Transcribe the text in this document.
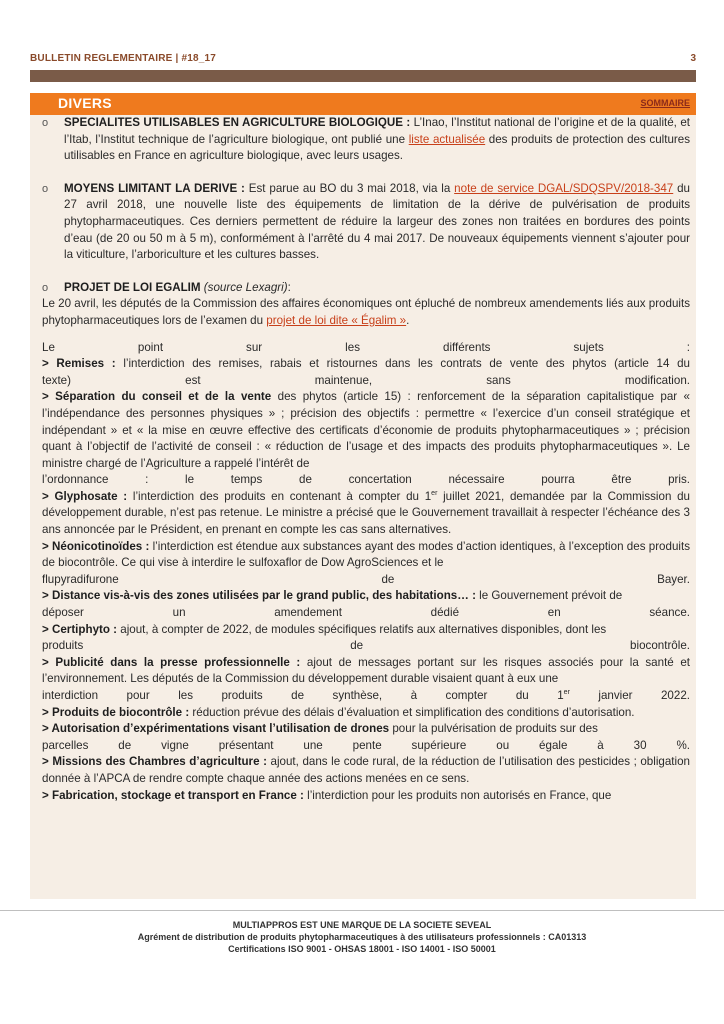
BULLETIN REGLEMENTAIRE | #18_17	3
DIVERS	SOMMAIRE
o SPECIALITES UTILISABLES EN AGRICULTURE BIOLOGIQUE : L’Inao, l’Institut national de l’origine et de la qualité, et l’Itab, l’Institut technique de l’agriculture biologique, ont publié une liste actualisée des produits de protection des cultures utilisables en France en agriculture biologique, avec leurs usages.

o MOYENS LIMITANT LA DERIVE : Est parue au BO du 3 mai 2018, via la note de service DGAL/SDQSPV/2018-347 du 27 avril 2018, une nouvelle liste des équipements de limitation de la dérive de pulvérisation de produits phytopharmaceutiques. Ces derniers permettent de réduire la largeur des zones non traitées en bordures des points d’eau (de 20 ou 50 m à 5 m), conformément à l’arrêté du 4 mai 2017. De nouveaux équipements viennent s’ajouter pour la viticulture, l’arboriculture et les cultures basses.

o PROJET DE LOI EGALIM (source Lexagri):

Le 20 avril, les députés de la Commission des affaires économiques ont épluché de nombreux amendements liés aux produits phytopharmaceutiques lors de l’examen du projet de loi dite « Égalim ».

Le point sur les différents sujets :

> Remises : l’interdiction des remises, rabais et ristournes dans les contrats de vente des phytos (article 14 du

texte) est maintenue, sans modification.

> Séparation du conseil et de la vente des phytos (article 15) : renforcement de la séparation capitalistique par « l’indépendance des personnes physiques » ; précision des objectifs : permettre « l’exercice d’un conseil stratégique et indépendant » et « la mise en œuvre effective des certificats d’économie de produits phytopharmaceutiques » ; précision quant à l’objectif de l’activité de conseil : « réduction de l’usage et des impacts des produits phytopharmaceutiques ». Le ministre chargé de l’Agriculture a rappelé l’intérêt de

l’ordonnance : le temps de concertation nécessaire pourra être pris.

> Glyphosate : l’interdiction des produits en contenant à compter du 1er juillet 2021, demandée par la Commission du développement durable, n’est pas retenue. Le ministre a précisé que le Gouvernement travaillait à respecter l’échéance des 3 ans annoncée par le Président, en prenant en compte les cas sans alternatives.

> Néonicotinoïdes : l’interdiction est étendue aux substances ayant des modes d’action identiques, à l’exception des produits de biocontrôle. Ce qui vise à interdire le sulfoxaflor de Dow AgroSciences et le

flupyradifurone de Bayer.

> Distance vis-à-vis des zones utilisées par le grand public, des habitations… : le Gouvernement prévoit de

déposer un amendement dédié en séance.

> Certiphyto : ajout, à compter de 2022, de modules spécifiques relatifs aux alternatives disponibles, dont les

produits de biocontrôle.

> Publicité dans la presse professionnelle : ajout de messages portant sur les risques associés pour la santé et l’environnement. Les députés de la Commission du développement durable visaient quant à eux une

interdiction pour les produits de synthèse, à compter du 1er janvier 2022.

> Produits de biocontrôle : réduction prévue des délais d’évaluation et simplification des conditions d’autorisation.

> Autorisation d’expérimentations visant l’utilisation de drones pour la pulvérisation de produits sur des

parcelles de vigne présentant une pente supérieure ou égale à 30 %.

> Missions des Chambres d’agriculture : ajout, dans le code rural, de la réduction de l’utilisation des pesticides ; obligation donnée à l’APCA de rendre compte chaque année des actions menées en ce sens.

> Fabrication, stockage et transport en France : l’interdiction pour les produits non autorisés en France, que

MULTIAPPROS EST UNE MARQUE DE LA SOCIETE SEVEAL
Agrément de distribution de produits phytopharmaceutiques à des utilisateurs professionnels : CA01313
Certifications ISO 9001 - OHSAS 18001 - ISO 14001 - ISO 50001
